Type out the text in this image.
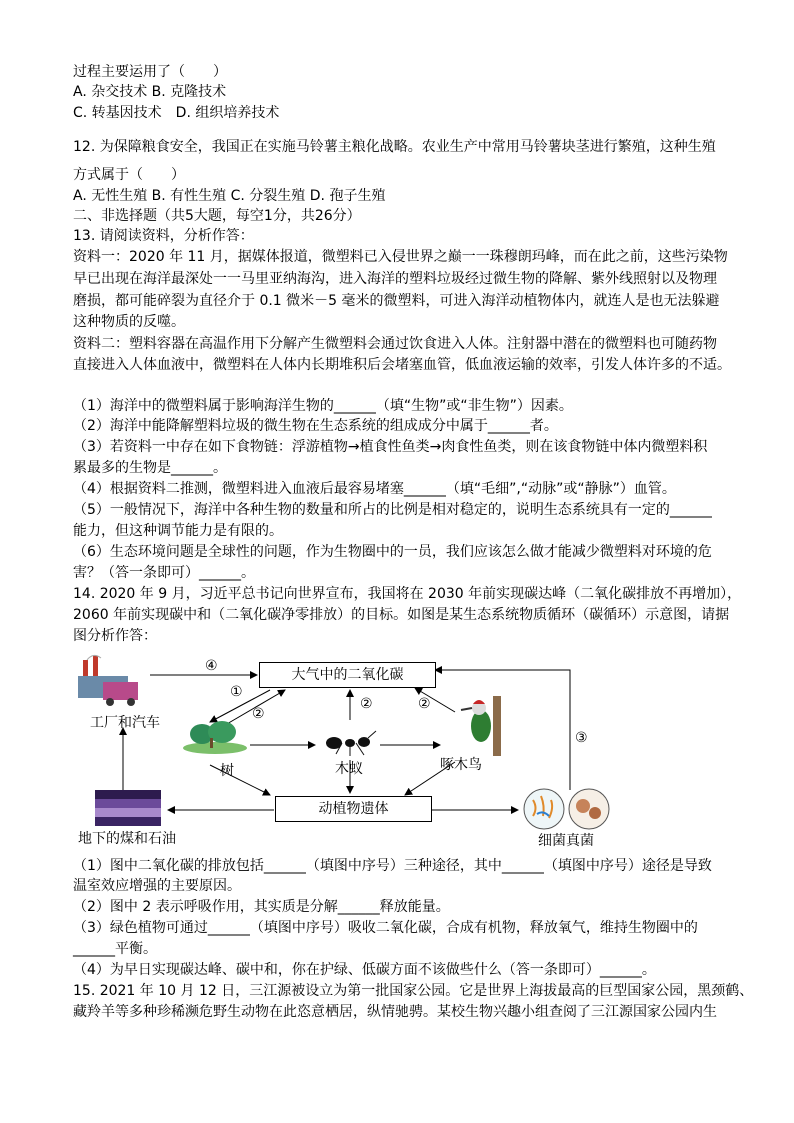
过程主要运用了（　　）
A. 杂交技术 B. 克隆技术
C. 转基因技术　D. 组织培养技术
12. 为保障粮食安全，我国正在实施马铃薯主粮化战略。农业生产中常用马铃薯块茎进行繁殖，这种生殖
方式属于（　　）
A. 无性生殖 B. 有性生殖 C. 分裂生殖 D. 孢子生殖
二、非选择题（共5大题，每空1分，共26分）
13. 请阅读资料，分析作答：
资料一：2020 年 11 月，据媒体报道，微塑料已入侵世界之巅一一珠穆朗玛峰，而在此之前，这些污染物
早已出现在海洋最深处一一马里亚纳海沟，进入海洋的塑料垃圾经过微生物的降解、紫外线照射以及物理
磨损，都可能碎裂为直径介于 0.1 微米－5 毫米的微塑料，可进入海洋动植物体内，就连人是也无法躲避
这种物质的反噬。
资料二：塑料容器在高温作用下分解产生微塑料会通过饮食进入人体。注射器中潜在的微塑料也可随药物
直接进入人体血液中，微塑料在人体内长期堆积后会堵塞血管，低血液运输的效率，引发人体许多的不适。
（1）海洋中的微塑料属于影响海洋生物的______（填“生物”或“非生物”）因素。
（2）海洋中能降解塑料垃圾的微生物在生态系统的组成成分中属于______者。
（3）若资料一中存在如下食物链：浮游植物→植食性鱼类→肉食性鱼类，则在该食物链中体内微塑料积
累最多的生物是______。
（4）根据资料二推测，微塑料进入血液后最容易堵塞______（填“毛细”,“动脉”或“静脉”）血管。
（5）一般情况下，海洋中各种生物的数量和所占的比例是相对稳定的，说明生态系统具有一定的______
能力，但这种调节能力是有限的。
（6）生态环境问题是全球性的问题，作为生物圈中的一员，我们应该怎么做才能减少微塑料对环境的危
害？（答一条即可）______。
14. 2020 年 9 月，习近平总书记向世界宣布，我国将在 2030 年前实现碳达峰（二氧化碳排放不再增加），
2060 年前实现碳中和（二氧化碳净零排放）的目标。如图是某生态系统物质循环（碳循环）示意图，请据
图分析作答：
大气中的二氧化碳
动植物遗体
工厂和汽车
树	木蚁	啄木鸟
地下的煤和石油	细菌真菌
④
①
②
②	②
③
（1）图中二氧化碳的排放包括______（填图中序号）三种途径，其中______（填图中序号）途径是导致
温室效应增强的主要原因。
（2）图中 2 表示呼吸作用，其实质是分解______释放能量。
（3）绿色植物可通过______（填图中序号）吸收二氧化碳，合成有机物，释放氧气，维持生物圈中的
______平衡。
（4）为早日实现碳达峰、碳中和，你在护绿、低碳方面不该做些什么（答一条即可）______。
15. 2021 年 10 月 12 日，三江源被设立为第一批国家公园。它是世界上海拔最高的巨型国家公园，黑颈鹤、
藏羚羊等多种珍稀濒危野生动物在此恣意栖居，纵情驰骋。某校生物兴趣小组查阅了三江源国家公园内生
